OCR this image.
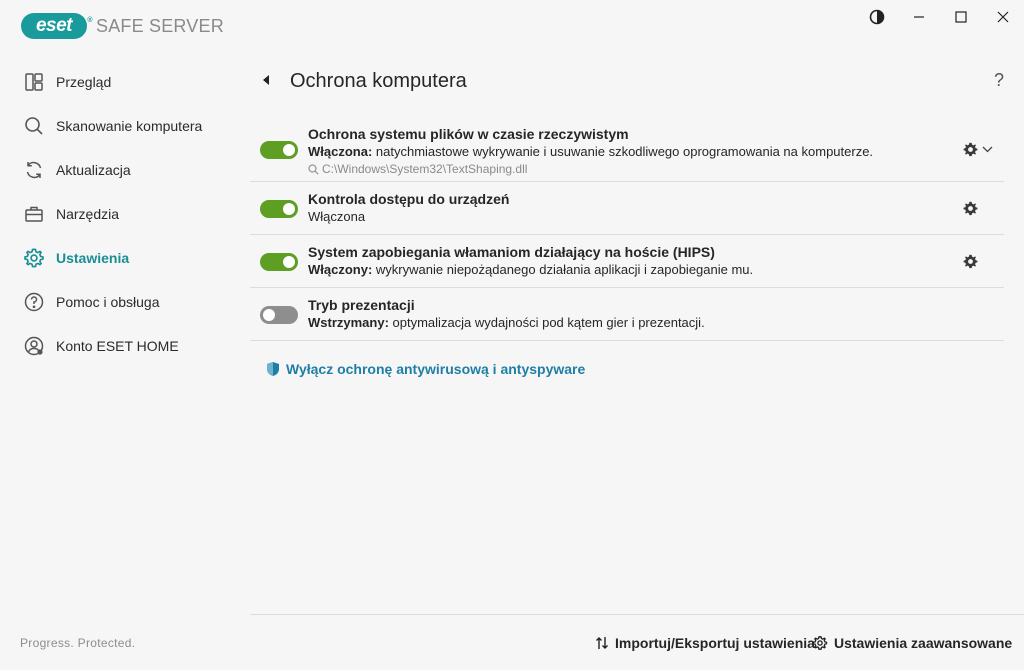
eset ® SAFE SERVER
Przegląd
Skanowanie komputera
Aktualizacja
Narzędzia
Ustawienia
Pomoc i obsługa
Konto ESET HOME
Progress. Protected.
Ochrona komputera	?
Ochrona systemu plików w czasie rzeczywistym
Włączona: natychmiastowe wykrywanie i usuwanie szkodliwego oprogramowania na komputerze.
C:\Windows\System32\TextShaping.dll
Kontrola dostępu do urządzeń
Włączona
System zapobiegania włamaniom działający na hoście (HIPS)
Włączony: wykrywanie niepożądanego działania aplikacji i zapobieganie mu.
Tryb prezentacji
Wstrzymany: optymalizacja wydajności pod kątem gier i prezentacji.
Wyłącz ochronę antywirusową i antyspyware
Importuj/Eksportuj ustawienia Ustawienia zaawansowane
